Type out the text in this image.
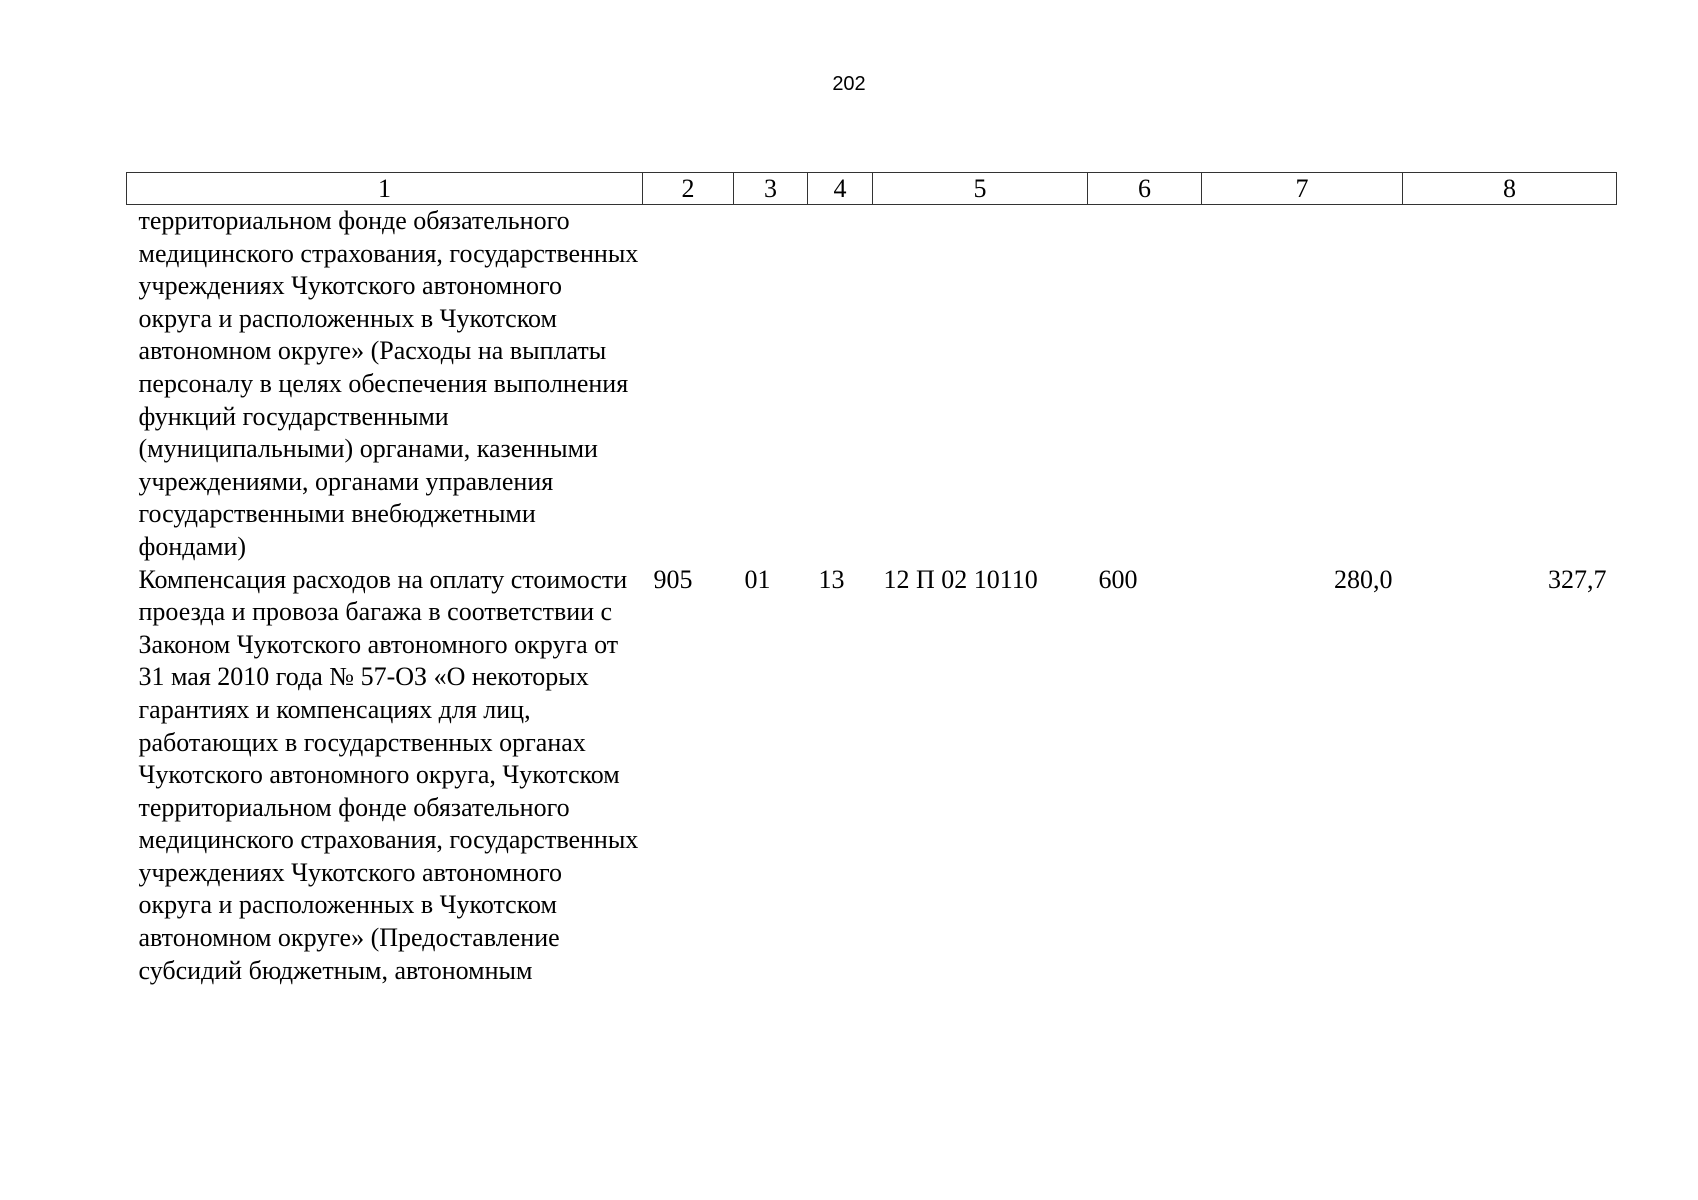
202
1	2	3	4	5	6	7	8
территориальном фонде обязательного медицинского страхования, государственных учреждениях Чукотского автономного округа и расположенных в Чукотском автономном округе» (Расходы на выплаты персоналу в целях обеспечения выполнения функций государственными (муниципальными) органами, казенными учреждениями, органами управления государственными внебюджетными фондами)							
Компенсация расходов на оплату стоимости проезда и провоза багажа в соответствии с Законом Чукотского автономного округа от 31 мая 2010 года № 57-ОЗ «О некоторых гарантиях и компенсациях для лиц, работающих в государственных органах Чукотского автономного округа, Чукотском территориальном фонде обязательного медицинского страхования, государственных учреждениях Чукотского автономного округа и расположенных в Чукотском автономном округе» (Предоставление субсидий бюджетным, автономным	905	01	13	12 П 02 10110	600	280,0	327,7
